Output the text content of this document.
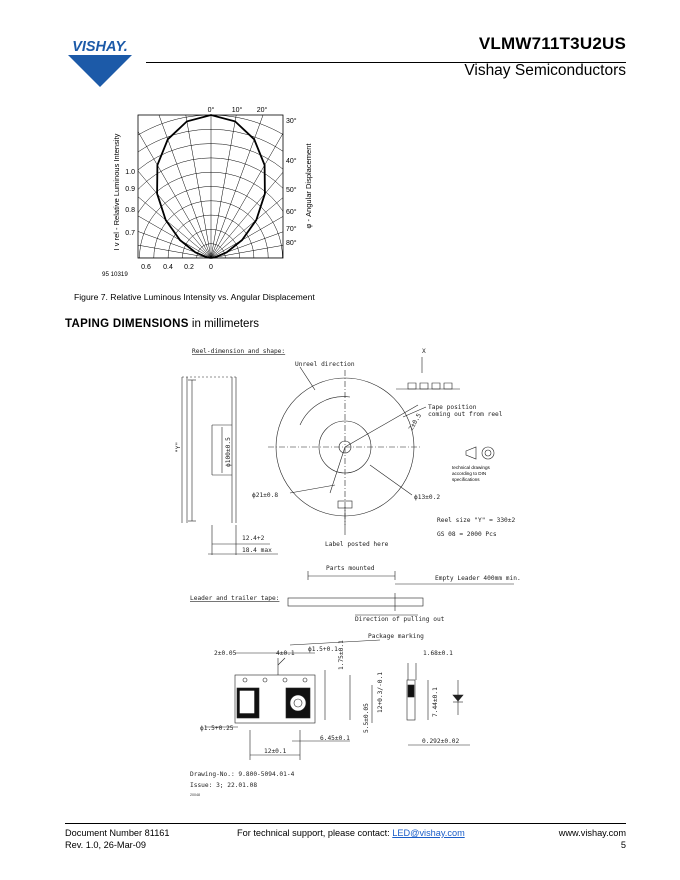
VISHAY.	VLMW711T3U2US
Vishay Semiconductors
0° 10° 20°
30°
40°
50°
60°
70°
80°
1.0
0.9
0.8
0.7
0.6 0.4 0.2 0
95 10319
I v rel - Relative Luminous Intensity	φ - Angular Displacement
Figure 7. Relative Luminous Intensity vs. Angular Displacement
TAPING DIMENSIONS in millimeters
Reel-dimension and shape:
Unreel direction
X
Tape position
coming out from reel
"Y"	ϕ100±0.5
ϕ21±0.8	ϕ13±0.2
2±0.5
Label posted here
12.4+2
18.4 max
technical drawings
according to DIN
specifications
Reel size "Y" = 330±2
GS 08 = 2000 Pcs
Parts mounted
Empty Leader 400mm min.
Leader and trailer tape:
Direction of pulling out
Package marking
2±0.05	4±0.1
ϕ1.5+0.1 1.75±0.1	1.68±0.1
12+0.3/-0.1
5.5±0.05
7.44±0.1
ϕ1.5+0.25
6.45±0.1
12±0.1
0.292±0.02
Drawing-No.: 9.800-5094.01-4
Issue: 3; 22.01.08
20048
Document Number 81161
Rev. 1.0, 26-Mar-09
For technical support, please contact: LED@vishay.com	www.vishay.com
5
